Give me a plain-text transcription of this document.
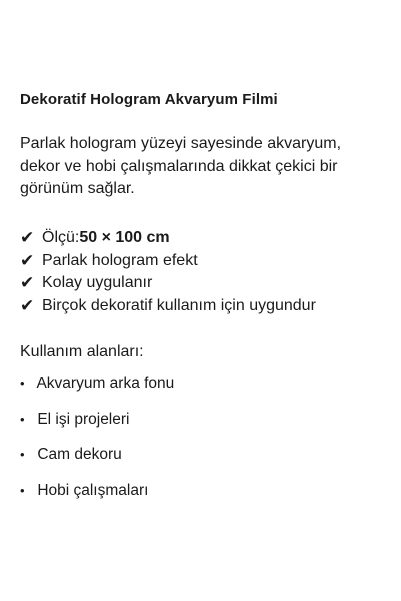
Dekoratif Hologram Akvaryum Filmi
Parlak hologram yüzeyi sayesinde akvaryum,
dekor ve hobi çalışmalarında dikkat çekici bir
görünüm sağlar.
✔ Ölçü: 50 × 100 cm
✔ Parlak hologram efekt
✔ Kolay uygulanır
✔ Birçok dekoratif kullanım için uygundur
Kullanım alanları:
• Akvaryum arka fonu
• El işi projeleri
• Cam dekoru
• Hobi çalışmaları
